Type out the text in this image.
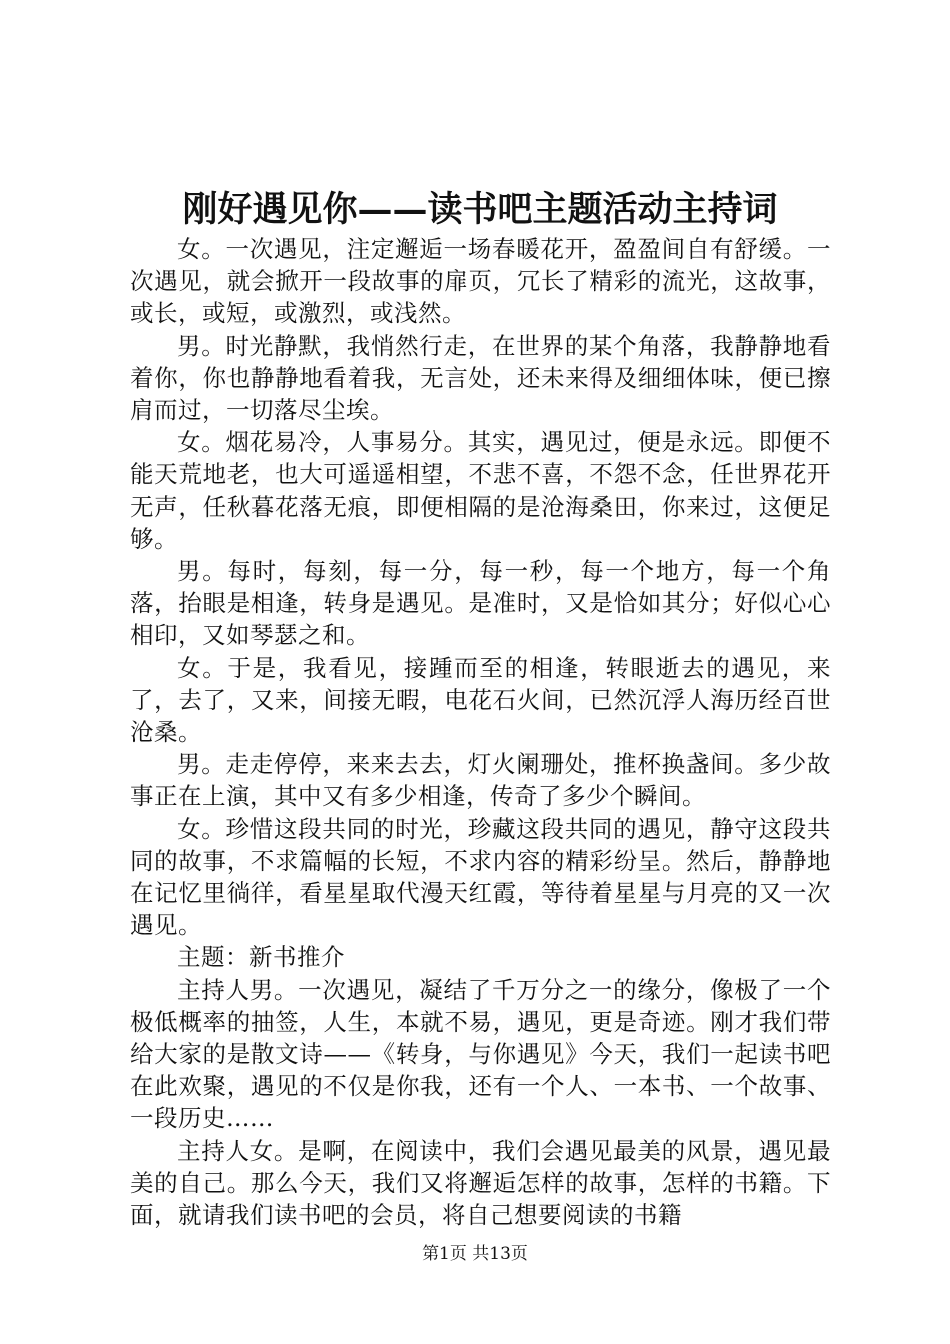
刚好遇见你——读书吧主题活动主持词

女。一次遇见，注定邂逅一场春暖花开，盈盈间自有舒缓。一次遇见，就会掀开一段故事的扉页，冗长了精彩的流光，这故事，或长，或短，或激烈，或浅然。

男。时光静默，我悄然行走，在世界的某个角落，我静静地看着你，你也静静地看着我，无言处，还未来得及细细体味，便已擦肩而过，一切落尽尘埃。

女。烟花易冷，人事易分。其实，遇见过，便是永远。即便不能天荒地老，也大可遥遥相望，不悲不喜，不怨不念，任世界花开无声，任秋暮花落无痕，即便相隔的是沧海桑田，你来过，这便足够。

男。每时，每刻，每一分，每一秒，每一个地方，每一个角落，抬眼是相逢，转身是遇见。是准时，又是恰如其分；好似心心相印，又如琴瑟之和。

女。于是，我看见，接踵而至的相逢，转眼逝去的遇见，来了，去了，又来，间接无暇，电花石火间，已然沉浮人海历经百世沧桑。

男。走走停停，来来去去，灯火阑珊处，推杯换盏间。多少故事正在上演，其中又有多少相逢，传奇了多少个瞬间。

女。珍惜这段共同的时光，珍藏这段共同的遇见，静守这段共同的故事，不求篇幅的长短，不求内容的精彩纷呈。然后，静静地在记忆里徜徉，看星星取代漫天红霞，等待着星星与月亮的又一次遇见。

主题：新书推介

主持人男。一次遇见，凝结了千万分之一的缘分，像极了一个极低概率的抽签，人生，本就不易，遇见，更是奇迹。刚才我们带给大家的是散文诗——《转身，与你遇见》今天，我们一起读书吧在此欢聚，遇见的不仅是你我，还有一个人、一本书、一个故事、一段历史……

主持人女。是啊，在阅读中，我们会遇见最美的风景，遇见最美的自己。那么今天，我们又将邂逅怎样的故事，怎样的书籍。下面，就请我们读书吧的会员，将自己想要阅读的书籍

第1页 共13页
